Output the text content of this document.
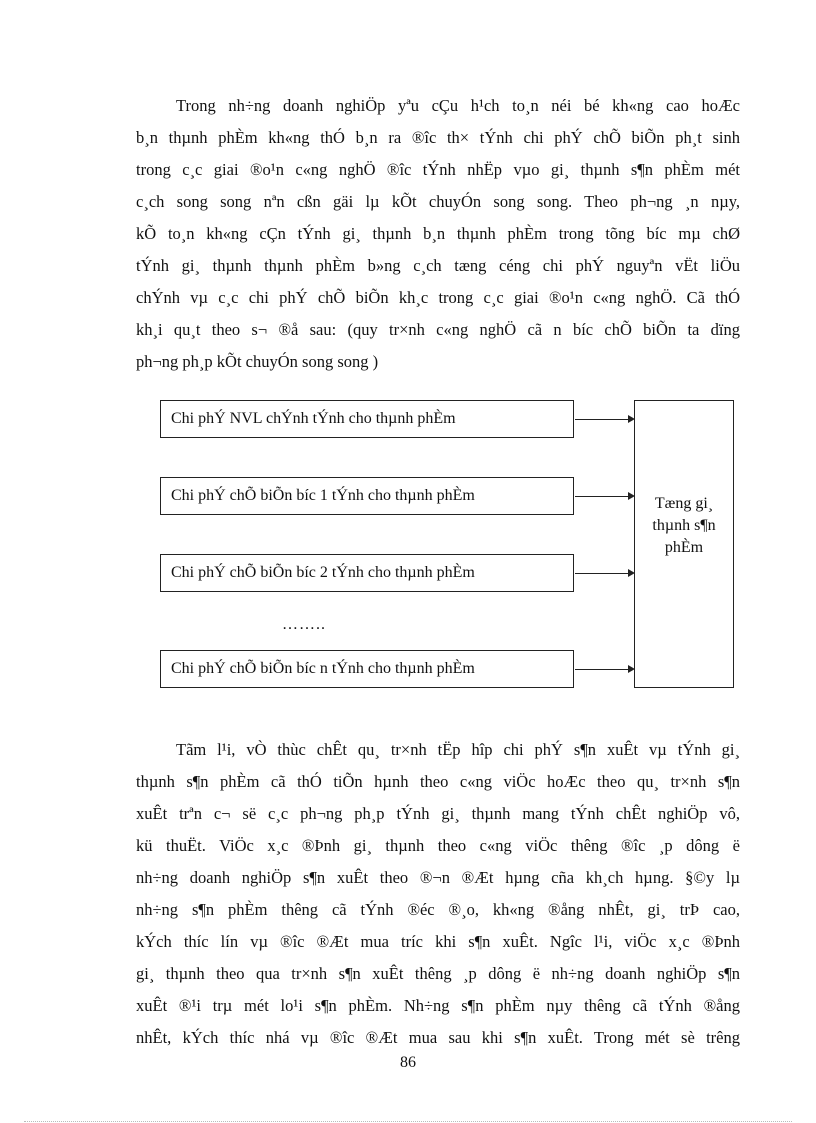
Trong nh÷ng doanh nghiÖp yªu cÇu h¹ch to¸n néi bé kh«ng cao hoÆc
b¸n thµnh phÈm kh«ng thÓ b¸n ra ®îc th× tÝnh chi phÝ chÕ biÕn ph¸t sinh
trong c¸c giai ®o¹n c«ng nghÖ ®îc tÝnh nhËp vµo gi¸ thµnh s¶n phÈm mét
c¸ch song song nªn cßn gäi lµ kÕt chuyÓn song song. Theo ph¬ng ¸n nµy,
kÕ to¸n kh«ng cÇn tÝnh gi¸ thµnh b¸n thµnh phÈm trong tõng bíc mµ chØ
tÝnh gi¸ thµnh thµnh phÈm b»ng c¸ch tæng céng chi phÝ nguyªn vËt liÖu
chÝnh vµ c¸c chi phÝ chÕ biÕn kh¸c trong c¸c giai ®o¹n c«ng nghÖ. Cã thÓ
kh¸i qu¸t theo s¬ ®å sau: (quy tr×nh c«ng nghÖ cã n bíc chÕ biÕn ta dïng
ph¬ng ph¸p kÕt chuyÓn song song )
Chi phÝ NVL chÝnh tÝnh cho thµnh phÈm
Chi phÝ chÕ biÕn bíc 1 tÝnh cho thµnh phÈm
Chi phÝ chÕ biÕn bíc 2 tÝnh cho thµnh phÈm
……..
Chi phÝ chÕ biÕn bíc n tÝnh cho thµnh phÈm
Tæng gi¸
thµnh s¶n
phÈm
Tãm l¹i, vÒ thùc chÊt qu¸ tr×nh tËp hîp chi phÝ s¶n xuÊt vµ tÝnh gi¸
thµnh s¶n phÈm cã thÓ tiÕn hµnh theo c«ng viÖc hoÆc theo qu¸ tr×nh s¶n
xuÊt trªn c¬ së c¸c ph¬ng ph¸p tÝnh gi¸ thµnh mang tÝnh chÊt nghiÖp vô,
kü thuËt. ViÖc x¸c ®Þnh gi¸ thµnh theo c«ng viÖc thêng ®îc ¸p dông ë
nh÷ng doanh nghiÖp s¶n xuÊt theo ®¬n ®Æt hµng cña kh¸ch hµng. §©y lµ
nh÷ng s¶n phÈm thêng cã tÝnh ®éc ®¸o, kh«ng ®ång nhÊt, gi¸ trÞ cao,
kÝch thíc lín vµ ®îc ®Æt mua tríc khi s¶n xuÊt. Ngîc l¹i, viÖc x¸c ®Þnh
gi¸ thµnh theo qua tr×nh s¶n xuÊt thêng ¸p dông ë nh÷ng doanh nghiÖp s¶n
xuÊt ®¹i trµ mét lo¹i s¶n phÈm. Nh÷ng s¶n phÈm nµy thêng cã tÝnh ®ång
nhÊt, kÝch thíc nhá vµ ®îc ®Æt mua sau khi s¶n xuÊt. Trong mét sè trêng
86
